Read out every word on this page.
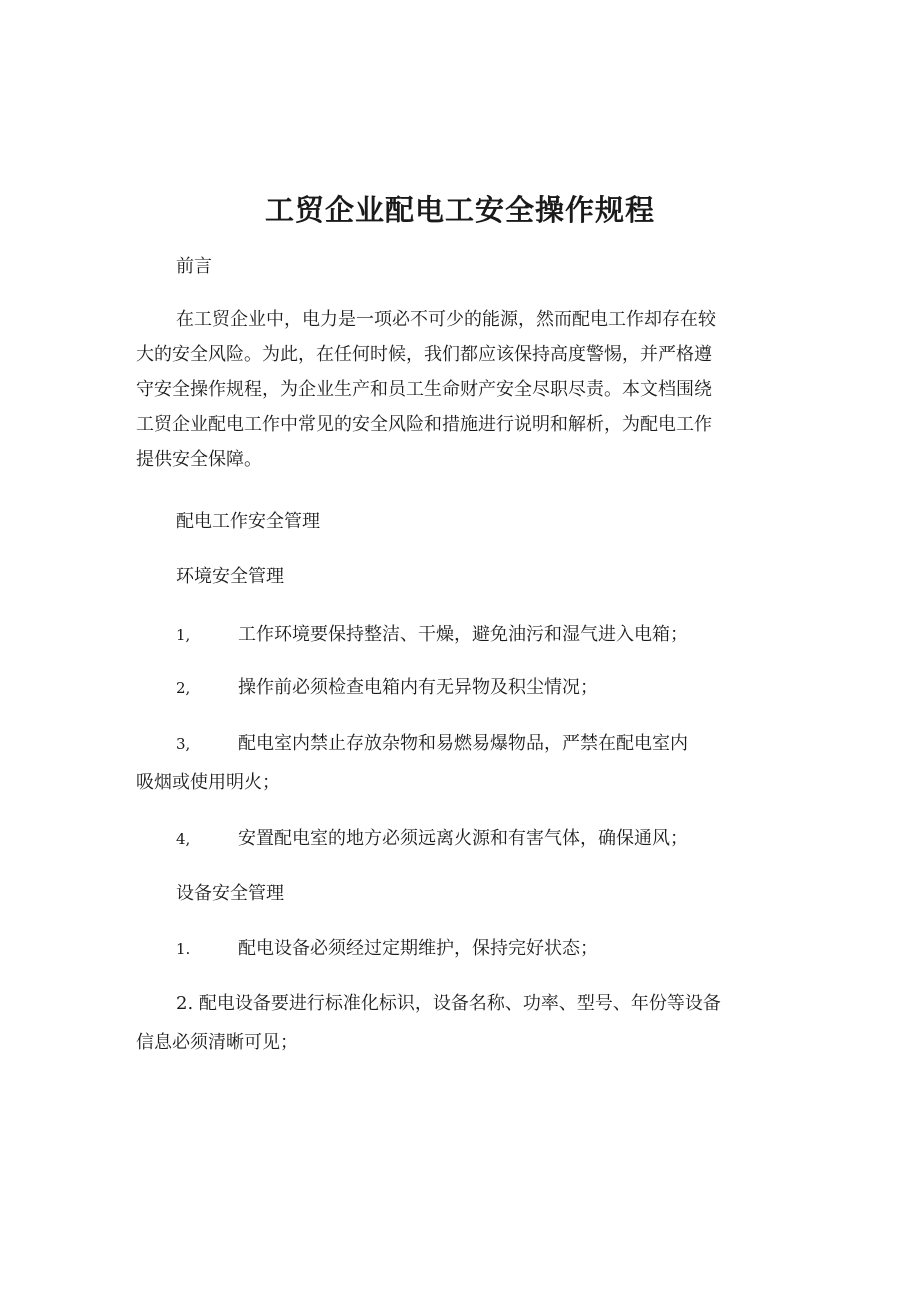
工贸企业配电工安全操作规程
前言
在工贸企业中，电力是一项必不可少的能源，然而配电工作却存在较
大的安全风险。为此，在任何时候，我们都应该保持高度警惕，并严格遵
守安全操作规程，为企业生产和员工生命财产安全尽职尽责。本文档围绕
工贸企业配电工作中常见的安全风险和措施进行说明和解析，为配电工作
提供安全保障。
配电工作安全管理
环境安全管理
1,	工作环境要保持整洁、干燥，避免油污和湿气进入电箱；
2,	操作前必须检查电箱内有无异物及积尘情况；
3,	配电室内禁止存放杂物和易燃易爆物品，严禁在配电室内
吸烟或使用明火；
4,	安置配电室的地方必须远离火源和有害气体，确保通风；
设备安全管理
1.	配电设备必须经过定期维护，保持完好状态；
2. 配电设备要进行标准化标识，设备名称、功率、型号、年份等设备
信息必须清晰可见；
